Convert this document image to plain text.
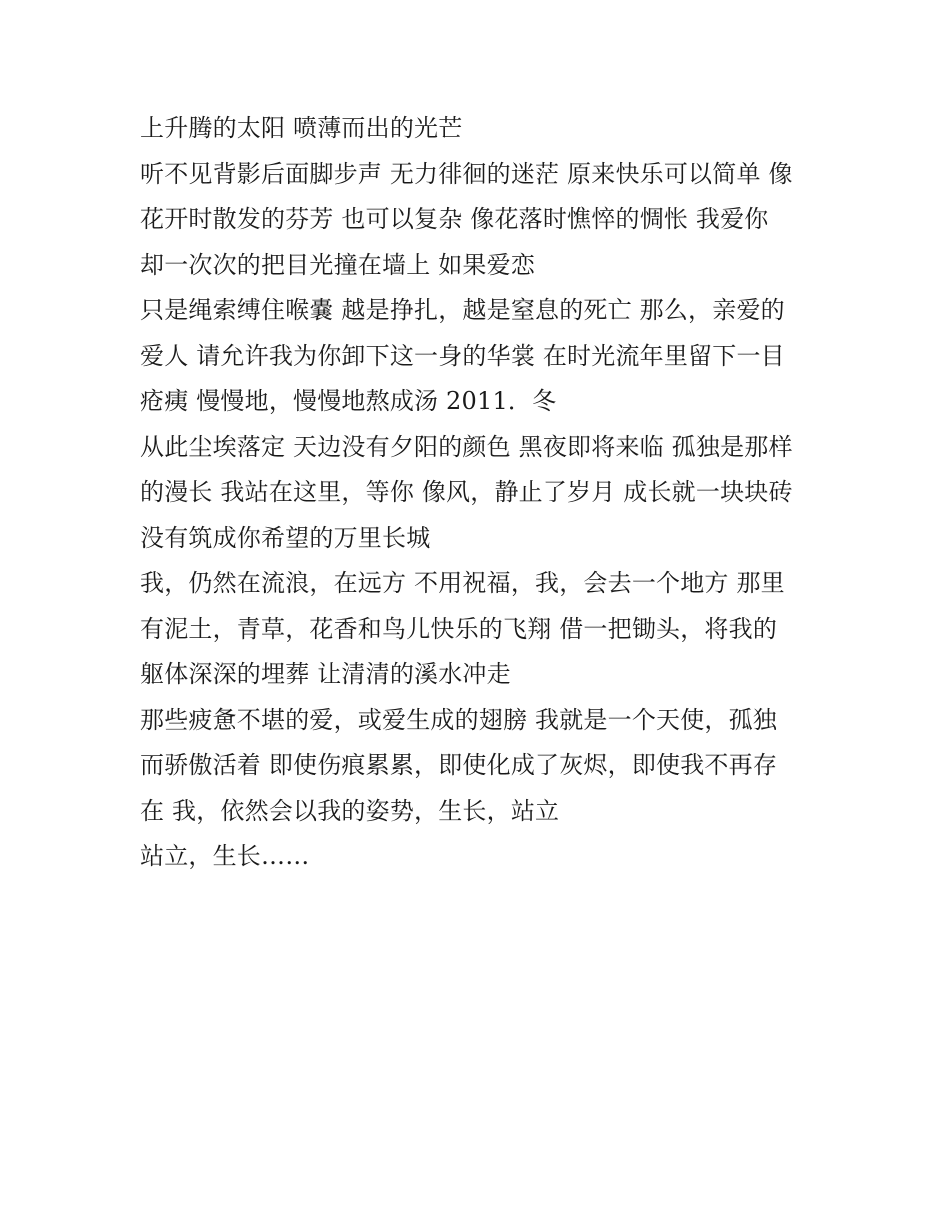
上升腾的太阳 喷薄而出的光芒
听不见背影后面脚步声 无力徘徊的迷茫 原来快乐可以简单 像
花开时散发的芬芳 也可以复杂 像花落时憔悴的惆怅 我爱你
却一次次的把目光撞在墙上 如果爱恋
只是绳索缚住喉嚢 越是挣扎，越是窒息的死亡 那么，亲爱的
爱人 请允许我为你卸下这一身的华裳 在时光流年里留下一目
疮痍 慢慢地，慢慢地熬成汤 2011．冬
从此尘埃落定 天边没有夕阳的颜色 黑夜即将来临 孤独是那样
的漫长 我站在这里，等你 像风，静止了岁月 成长就一块块砖
没有筑成你希望的万里长城
我，仍然在流浪，在远方 不用祝福，我，会去一个地方 那里
有泥土，青草，花香和鸟儿快乐的飞翔 借一把锄头，将我的
躯体深深的埋葬 让清清的溪水冲走
那些疲惫不堪的爱，或爱生成的翅膀 我就是一个天使，孤独
而骄傲活着 即使伤痕累累，即使化成了灰烬，即使我不再存
在 我，依然会以我的姿势，生长，站立
站立，生长……
